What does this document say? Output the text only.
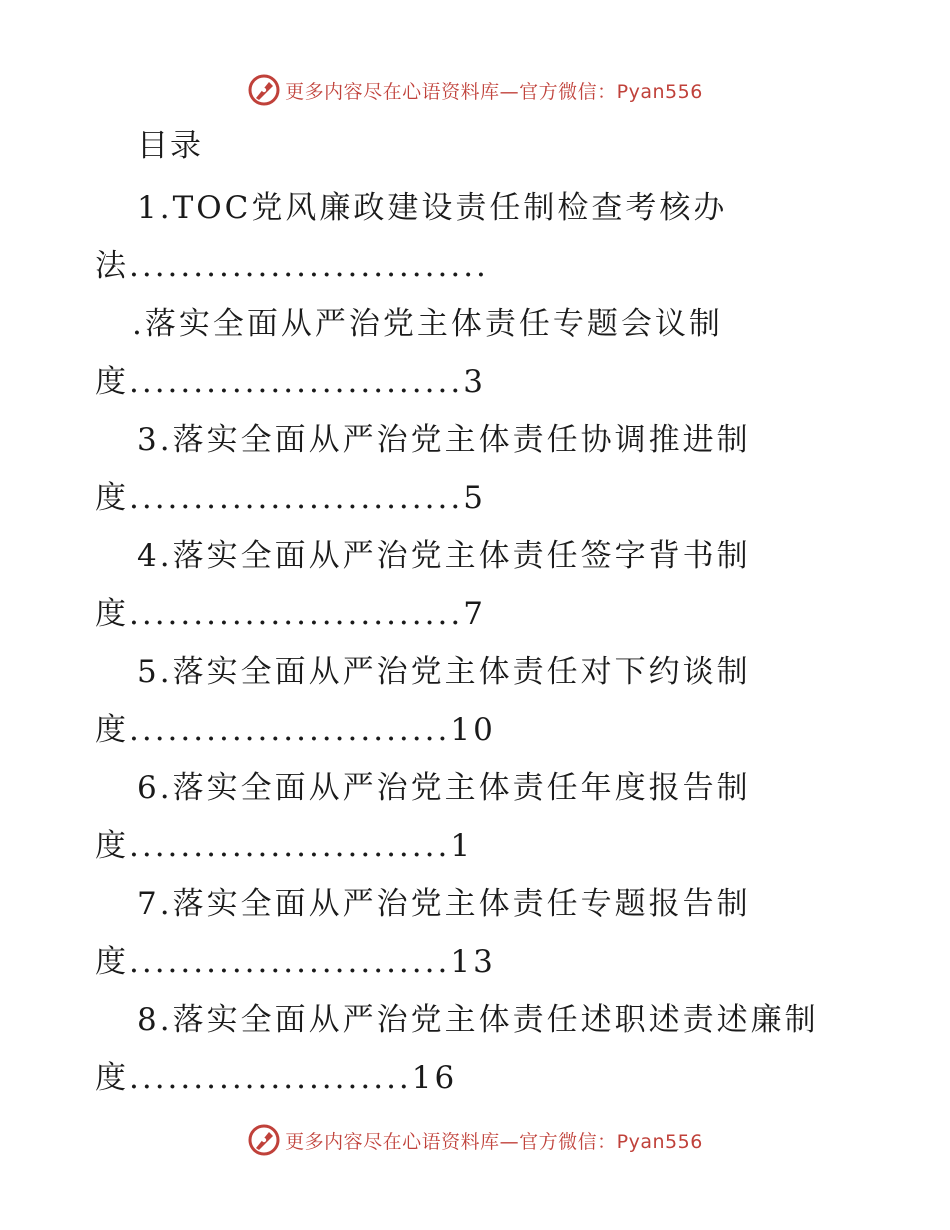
更多内容尽在心语资料库—官方微信：Pyan556
目录
1.TOC党风廉政建设责任制检查考核办
法............................
.落实全面从严治党主体责任专题会议制
度..........................3
3.落实全面从严治党主体责任协调推进制
度..........................5
4.落实全面从严治党主体责任签字背书制
度..........................7
5.落实全面从严治党主体责任对下约谈制
度.........................10
6.落实全面从严治党主体责任年度报告制
度.........................1
7.落实全面从严治党主体责任专题报告制
度.........................13
8.落实全面从严治党主体责任述职述责述廉制
度......................16
更多内容尽在心语资料库—官方微信：Pyan556
